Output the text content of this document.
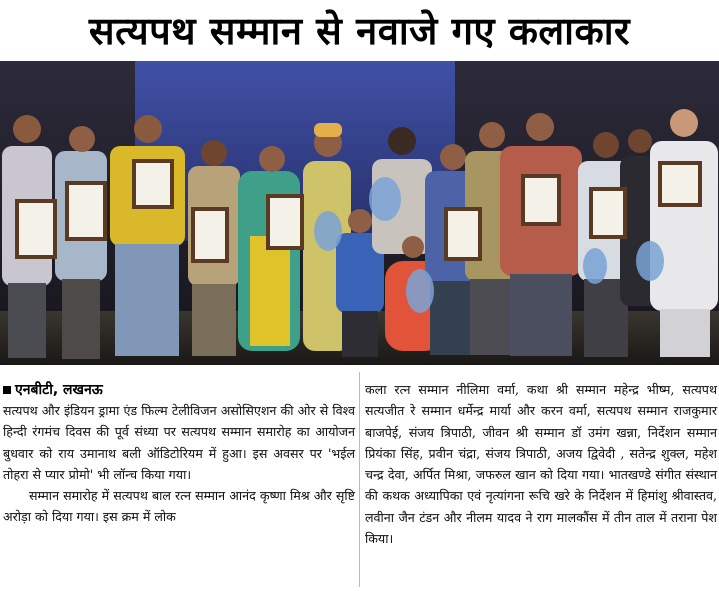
सत्यपथ सम्मान से नवाजे गए कलाकार
एनबीटी, लखनऊ

सत्यपथ और इंडियन ड्रामा एंड फिल्म टेलीविजन असोसिएशन की ओर से विश्व हिन्दी रंगमंच दिवस की पूर्व संध्या पर सत्यपथ सम्मान समारोह का आयोजन बुधवार को राय उमानाथ बली ऑडिटोरियम में हुआ। इस अवसर पर 'भईल तोहरा से प्यार प्रोमो' भी लॉन्च किया गया।

सम्मान समारोह में सत्यपथ बाल रत्न सम्मान आनंद कृष्णा मिश्र और सृष्टि अरोड़ा को दिया गया। इस क्रम में लोक

कला रत्न सम्मान नीलिमा वर्मा, कथा श्री सम्मान महेन्द्र भीष्म, सत्यपथ सत्यजीत रे सम्मान धर्मेन्द्र मार्या और करन वर्मा, सत्यपथ सम्मान राजकुमार बाजपेई, संजय त्रिपाठी, जीवन श्री सम्मान डॉ उमंग खन्ना, निर्देशन सम्मान प्रियंका सिंह, प्रवीन चंद्रा, संजय त्रिपाठी, अजय द्विवेदी , सतेन्द्र शुक्ल, महेश चन्द्र देवा, अर्पित मिश्रा, जफरुल खान को दिया गया। भातखण्डे संगीत संस्थान की कथक अध्यापिका एवं नृत्यांगना रूचि खरे के निर्देशन में हिमांशु श्रीवास्तव, लवीना जैन टंडन और नीलम यादव ने राग मालकौंस में तीन ताल में तराना पेश किया।
